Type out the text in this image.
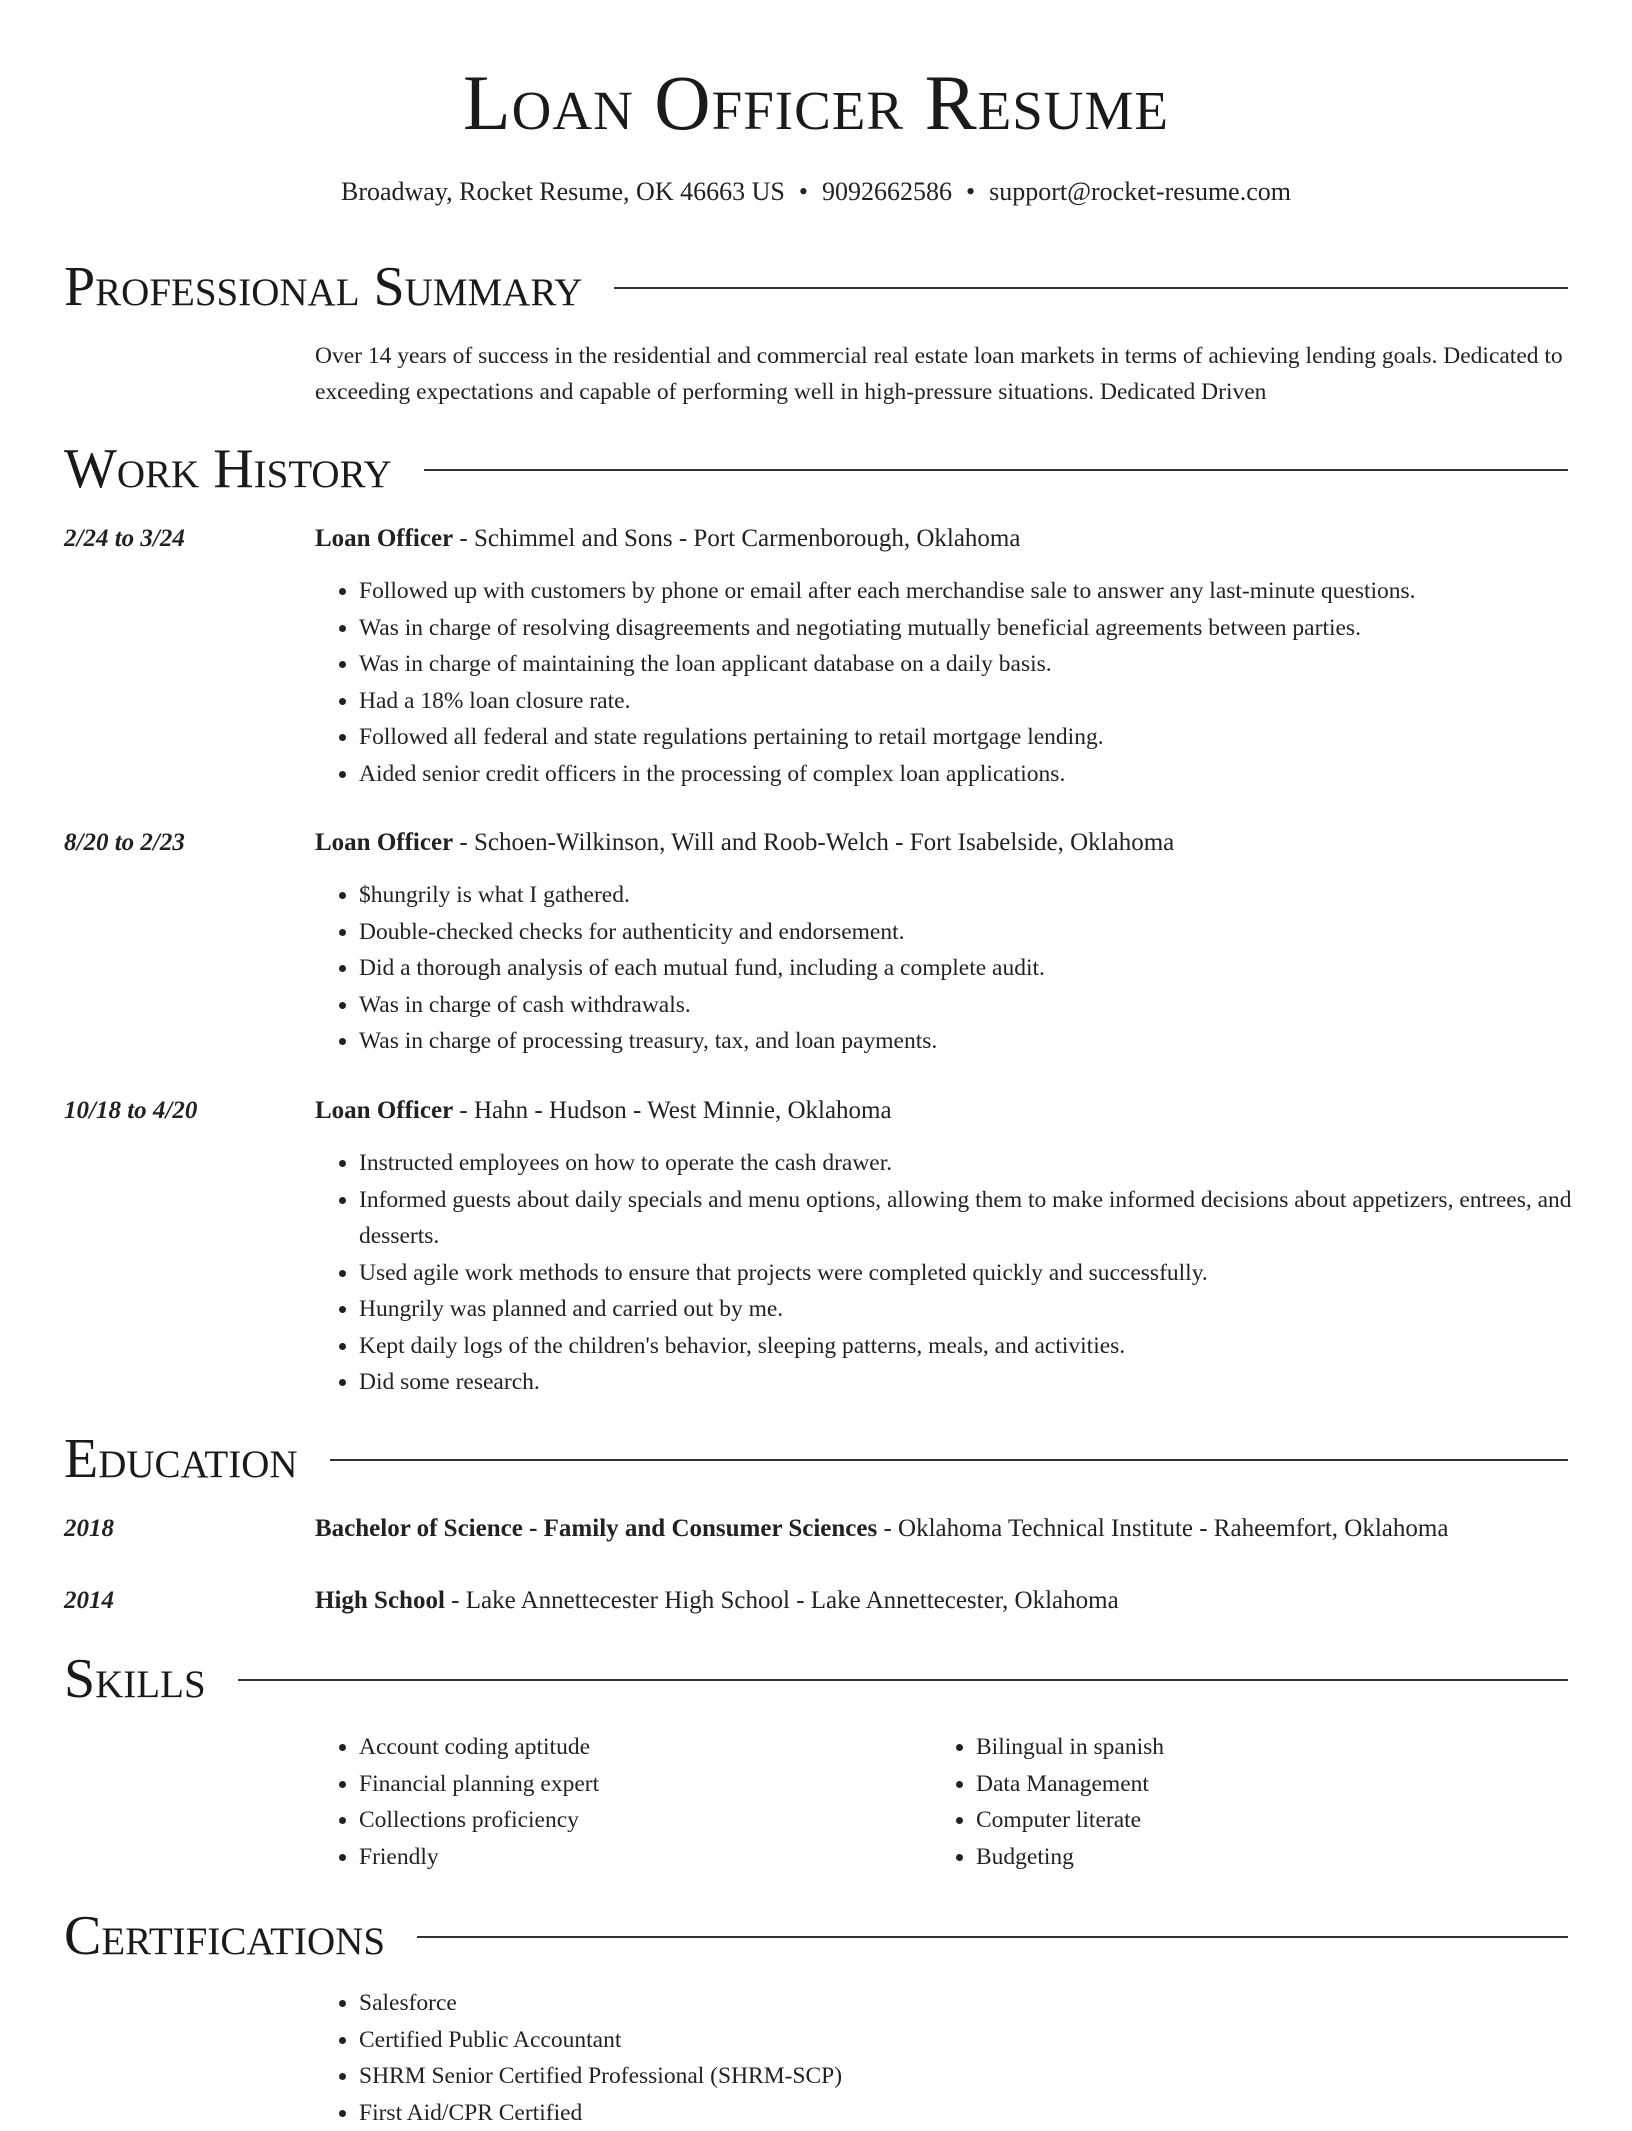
Loan Officer Resume
Broadway, Rocket Resume, OK 46663 US • 9092662586 • support@rocket-resume.com
Professional Summary
Over 14 years of success in the residential and commercial real estate loan markets in terms of achieving lending goals. Dedicated to exceeding expectations and capable of performing well in high-pressure situations. Dedicated Driven
Work History
2/24 to 3/24	Loan Officer - Schimmel and Sons - Port Carmenborough, Oklahoma
• Followed up with customers by phone or email after each merchandise sale to answer any last-minute questions.
• Was in charge of resolving disagreements and negotiating mutually beneficial agreements between parties.
• Was in charge of maintaining the loan applicant database on a daily basis.
• Had a 18% loan closure rate.
• Followed all federal and state regulations pertaining to retail mortgage lending.
• Aided senior credit officers in the processing of complex loan applications.
8/20 to 2/23	Loan Officer - Schoen-Wilkinson, Will and Roob-Welch - Fort Isabelside, Oklahoma
• $hungrily is what I gathered.
• Double-checked checks for authenticity and endorsement.
• Did a thorough analysis of each mutual fund, including a complete audit.
• Was in charge of cash withdrawals.
• Was in charge of processing treasury, tax, and loan payments.
10/18 to 4/20	Loan Officer - Hahn - Hudson - West Minnie, Oklahoma
• Instructed employees on how to operate the cash drawer.
• Informed guests about daily specials and menu options, allowing them to make informed decisions about appetizers, entrees, and desserts.
• Used agile work methods to ensure that projects were completed quickly and successfully.
• Hungrily was planned and carried out by me.
• Kept daily logs of the children's behavior, sleeping patterns, meals, and activities.
• Did some research.
Education
2018	Bachelor of Science - Family and Consumer Sciences - Oklahoma Technical Institute - Raheemfort, Oklahoma
2014	High School - Lake Annettecester High School - Lake Annettecester, Oklahoma
Skills
• Account coding aptitude
• Financial planning expert
• Collections proficiency
• Friendly
• Bilingual in spanish
• Data Management
• Computer literate
• Budgeting
Certifications
• Salesforce
• Certified Public Accountant
• SHRM Senior Certified Professional (SHRM-SCP)
• First Aid/CPR Certified
